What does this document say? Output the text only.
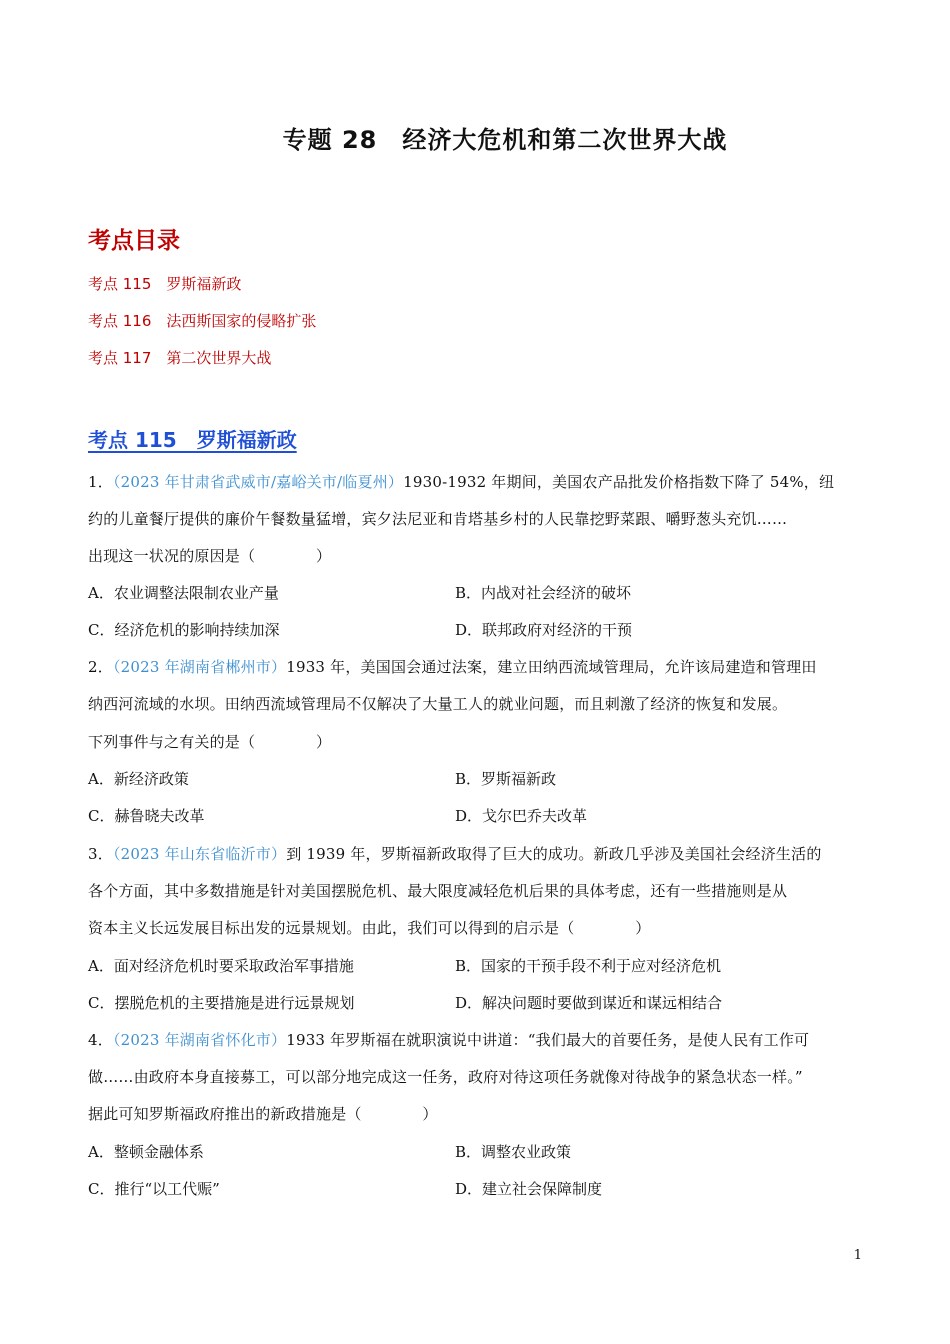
专题 28　经济大危机和第二次世界大战
考点目录
考点 115　罗斯福新政
考点 116　法西斯国家的侵略扩张
考点 117　第二次世界大战
考点 115　罗斯福新政
1．（2023 年甘肃省武威市/嘉峪关市/临夏州）1930-1932 年期间，美国农产品批发价格指数下降了 54%，纽
约的儿童餐厅提供的廉价午餐数量猛增，宾夕法尼亚和肯塔基乡村的人民靠挖野菜跟、嚼野葱头充饥……
出现这一状况的原因是（　　　　）
A．农业调整法限制农业产量	B．内战对社会经济的破坏
C．经济危机的影响持续加深	D．联邦政府对经济的干预
2．（2023 年湖南省郴州市）1933 年，美国国会通过法案，建立田纳西流域管理局，允许该局建造和管理田
纳西河流域的水坝。田纳西流域管理局不仅解决了大量工人的就业问题，而且刺激了经济的恢复和发展。
下列事件与之有关的是（　　　　）
A．新经济政策	B．罗斯福新政
C．赫鲁晓夫改革	D．戈尔巴乔夫改革
3．（2023 年山东省临沂市）到 1939 年，罗斯福新政取得了巨大的成功。新政几乎涉及美国社会经济生活的
各个方面，其中多数措施是针对美国摆脱危机、最大限度减轻危机后果的具体考虑，还有一些措施则是从
资本主义长远发展目标出发的远景规划。由此，我们可以得到的启示是（　　　　）
A．面对经济危机时要采取政治军事措施	B．国家的干预手段不利于应对经济危机
C．摆脱危机的主要措施是进行远景规划	D．解决问题时要做到谋近和谋远相结合
4．（2023 年湖南省怀化市）1933 年罗斯福在就职演说中讲道：“我们最大的首要任务，是使人民有工作可
做……由政府本身直接募工，可以部分地完成这一任务，政府对待这项任务就像对待战争的紧急状态一样。”
据此可知罗斯福政府推出的新政措施是（　　　　）
A．整顿金融体系	B．调整农业政策
C．推行“以工代赈”	D．建立社会保障制度
1
